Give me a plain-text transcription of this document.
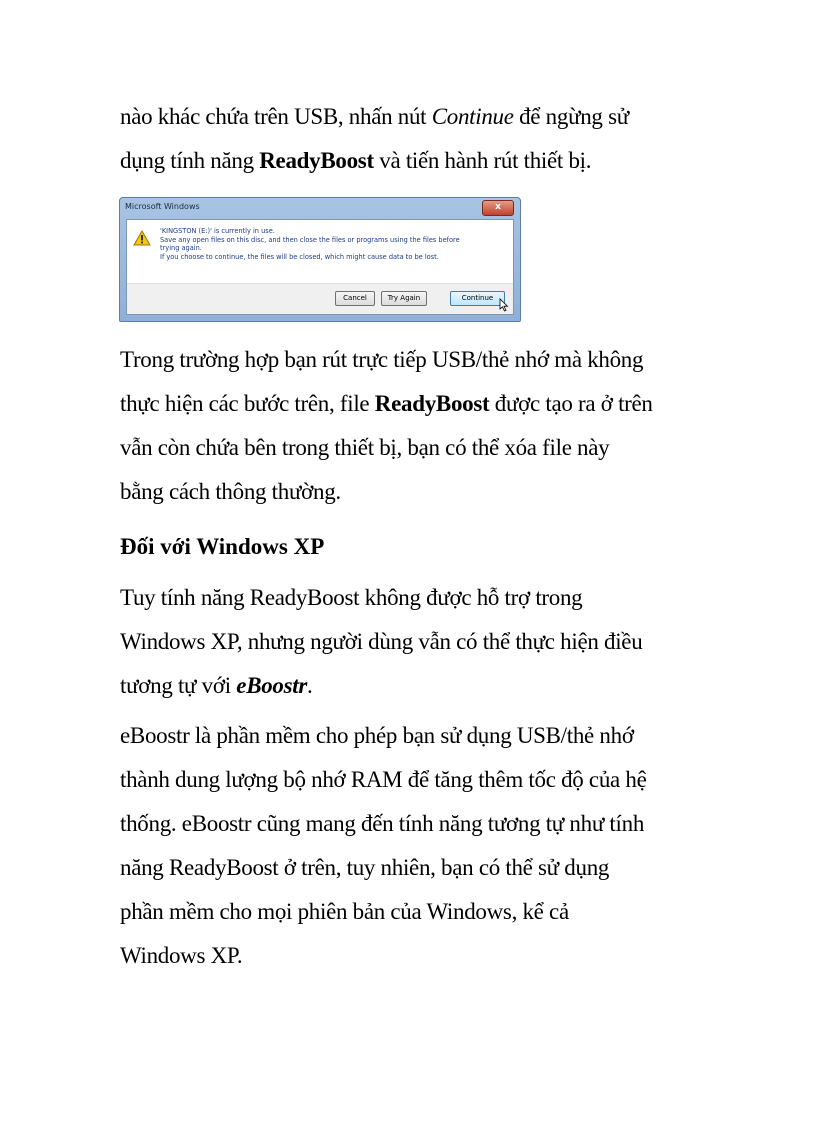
nào khác chứa trên USB, nhấn nút Continue để ngừng sử
dụng tính năng ReadyBoost và tiến hành rút thiết bị.

Microsoft Windows	x
'KINGSTON (E:)' is currently in use.
Save any open files on this disc, and then close the files or programs using the files before
trying again.
If you choose to continue, the files will be closed, which might cause data to be lost.
Cancel	Try Again	Continue

Trong trường hợp bạn rút trực tiếp USB/thẻ nhớ mà không
thực hiện các bước trên, file ReadyBoost được tạo ra ở trên
vẫn còn chứa bên trong thiết bị, bạn có thể xóa file này
bằng cách thông thường.

Đối với Windows XP

Tuy tính năng ReadyBoost không được hỗ trợ trong
Windows XP, nhưng người dùng vẫn có thể thực hiện điều
tương tự với eBoostr.

eBoostr là phần mềm cho phép bạn sử dụng USB/thẻ nhớ
thành dung lượng bộ nhớ RAM để tăng thêm tốc độ của hệ
thống. eBoostr cũng mang đến tính năng tương tự như tính
năng ReadyBoost ở trên, tuy nhiên, bạn có thể sử dụng
phần mềm cho mọi phiên bản của Windows, kể cả
Windows XP.
